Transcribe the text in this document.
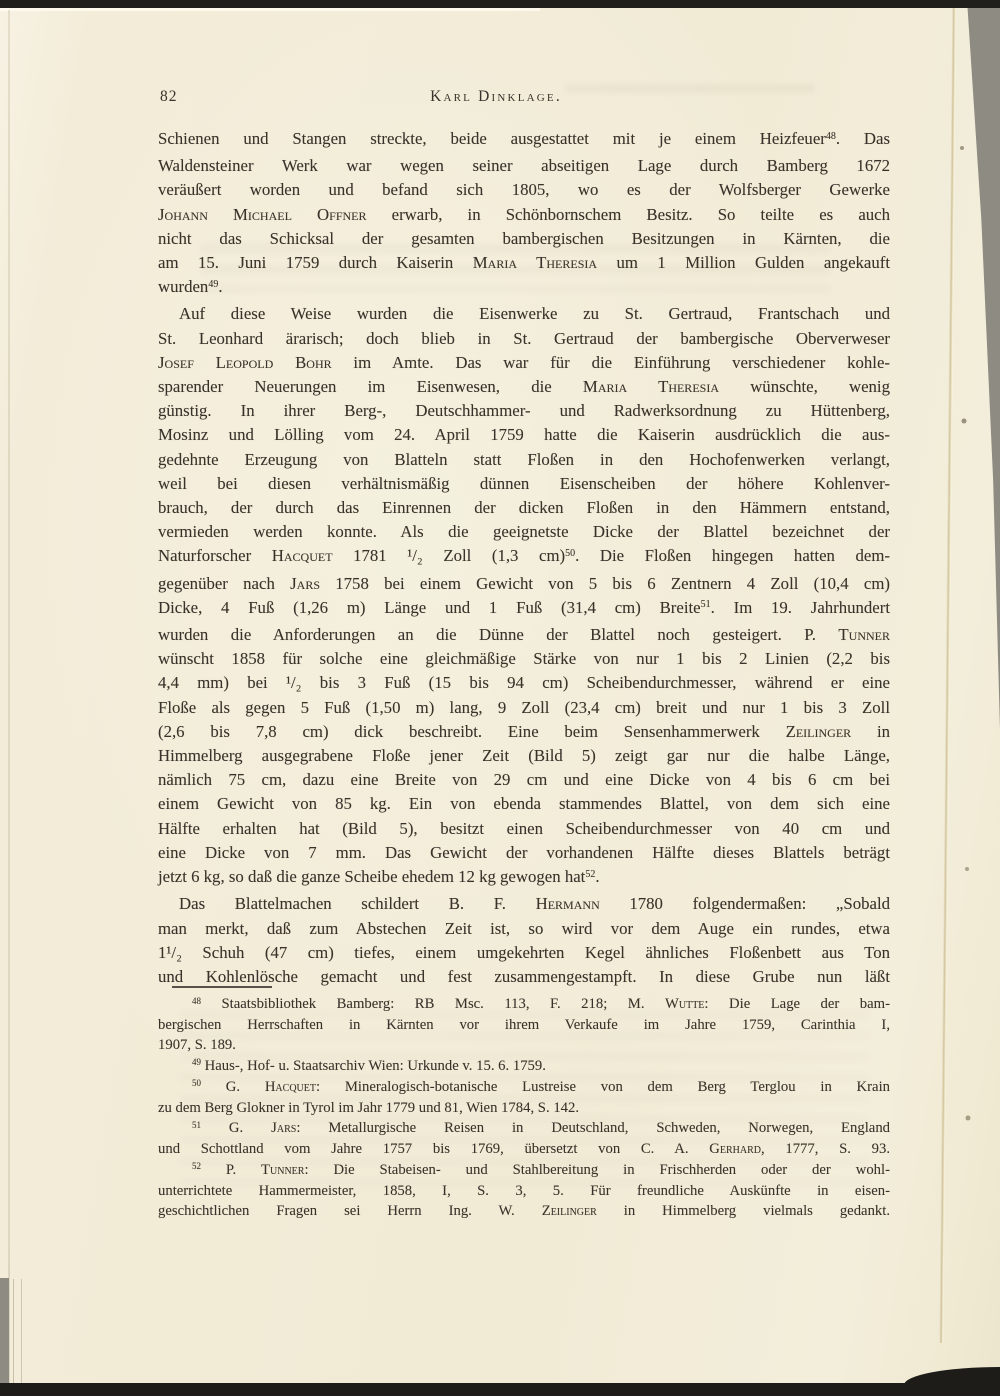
82	Karl Dinklage.
Schienen und Stangen streckte, beide ausgestattet mit je einem Heizfeuer$^{48}$. Das
Waldensteiner Werk war wegen seiner abseitigen Lage durch Bamberg 1672
veräußert worden und befand sich 1805, wo es der Wolfsberger Gewerke
Johann Michael Offner erwarb, in Schönbornschem Besitz. So teilte es auch
nicht das Schicksal der gesamten bambergischen Besitzungen in Kärnten, die
am 15. Juni 1759 durch Kaiserin Maria Theresia um 1 Million Gulden angekauft
wurden$^{49}$.
Auf diese Weise wurden die Eisenwerke zu St. Gertraud, Frantschach und
St. Leonhard ärarisch; doch blieb in St. Gertraud der bambergische Oberverweser
Josef Leopold Bohr im Amte. Das war für die Einführung verschiedener kohle-
sparender Neuerungen im Eisenwesen, die Maria Theresia wünschte, wenig
günstig. In ihrer Berg-, Deutschhammer- und Radwerksordnung zu Hüttenberg,
Mosinz und Lölling vom 24. April 1759 hatte die Kaiserin ausdrücklich die aus-
gedehnte Erzeugung von Blatteln statt Floßen in den Hochofenwerken verlangt,
weil bei diesen verhältnismäßig dünnen Eisenscheiben der höhere Kohlenver-
brauch, der durch das Einrennen der dicken Floßen in den Hämmern entstand,
vermieden werden konnte. Als die geeignetste Dicke der Blattel bezeichnet der
Naturforscher Hacquet 1781 ¹/₂ Zoll (1,3 cm)$^{50}$. Die Floßen hingegen hatten dem-
gegenüber nach Jars 1758 bei einem Gewicht von 5 bis 6 Zentnern 4 Zoll (10,4 cm)
Dicke, 4 Fuß (1,26 m) Länge und 1 Fuß (31,4 cm) Breite$^{51}$. Im 19. Jahrhundert
wurden die Anforderungen an die Dünne der Blattel noch gesteigert. P. Tunner
wünscht 1858 für solche eine gleichmäßige Stärke von nur 1 bis 2 Linien (2,2 bis
4,4 mm) bei ¹/₂ bis 3 Fuß (15 bis 94 cm) Scheibendurchmesser, während er eine
Floße als gegen 5 Fuß (1,50 m) lang, 9 Zoll (23,4 cm) breit und nur 1 bis 3 Zoll
(2,6 bis 7,8 cm) dick beschreibt. Eine beim Sensenhammerwerk Zeilinger in
Himmelberg ausgegrabene Floße jener Zeit (Bild 5) zeigt gar nur die halbe Länge,
nämlich 75 cm, dazu eine Breite von 29 cm und eine Dicke von 4 bis 6 cm bei
einem Gewicht von 85 kg. Ein von ebenda stammendes Blattel, von dem sich eine
Hälfte erhalten hat (Bild 5), besitzt einen Scheibendurchmesser von 40 cm und
eine Dicke von 7 mm. Das Gewicht der vorhandenen Hälfte dieses Blattels beträgt
jetzt 6 kg, so daß die ganze Scheibe ehedem 12 kg gewogen hat$^{52}$.
Das Blattelmachen schildert B. F. Hermann 1780 folgendermaßen: „Sobald
man merkt, daß zum Abstechen Zeit ist, so wird vor dem Auge ein rundes, etwa
1¹/₂ Schuh (47 cm) tiefes, einem umgekehrten Kegel ähnliches Floßenbett aus Ton
und Kohlenlösche gemacht und fest zusammengestampft. In diese Grube nun läßt
$^{48}$ Staatsbibliothek Bamberg: RB Msc. 113, F. 218; M. Wutte: Die Lage der bam-
bergischen Herrschaften in Kärnten vor ihrem Verkaufe im Jahre 1759, Carinthia I,
1907, S. 189.
$^{49}$ Haus-, Hof- u. Staatsarchiv Wien: Urkunde v. 15. 6. 1759.
$^{50}$ G. Hacquet: Mineralogisch-botanische Lustreise von dem Berg Terglou in Krain
zu dem Berg Glokner in Tyrol im Jahr 1779 und 81, Wien 1784, S. 142.
$^{51}$ G. Jars: Metallurgische Reisen in Deutschland, Schweden, Norwegen, England
und Schottland vom Jahre 1757 bis 1769, übersetzt von C. A. Gerhard, 1777, S. 93.
$^{52}$ P. Tunner: Die Stabeisen- und Stahlbereitung in Frischherden oder der wohl-
unterrichtete Hammermeister, 1858, I, S. 3, 5. Für freundliche Auskünfte in eisen-
geschichtlichen Fragen sei Herrn Ing. W. Zeilinger in Himmelberg vielmals gedankt.
